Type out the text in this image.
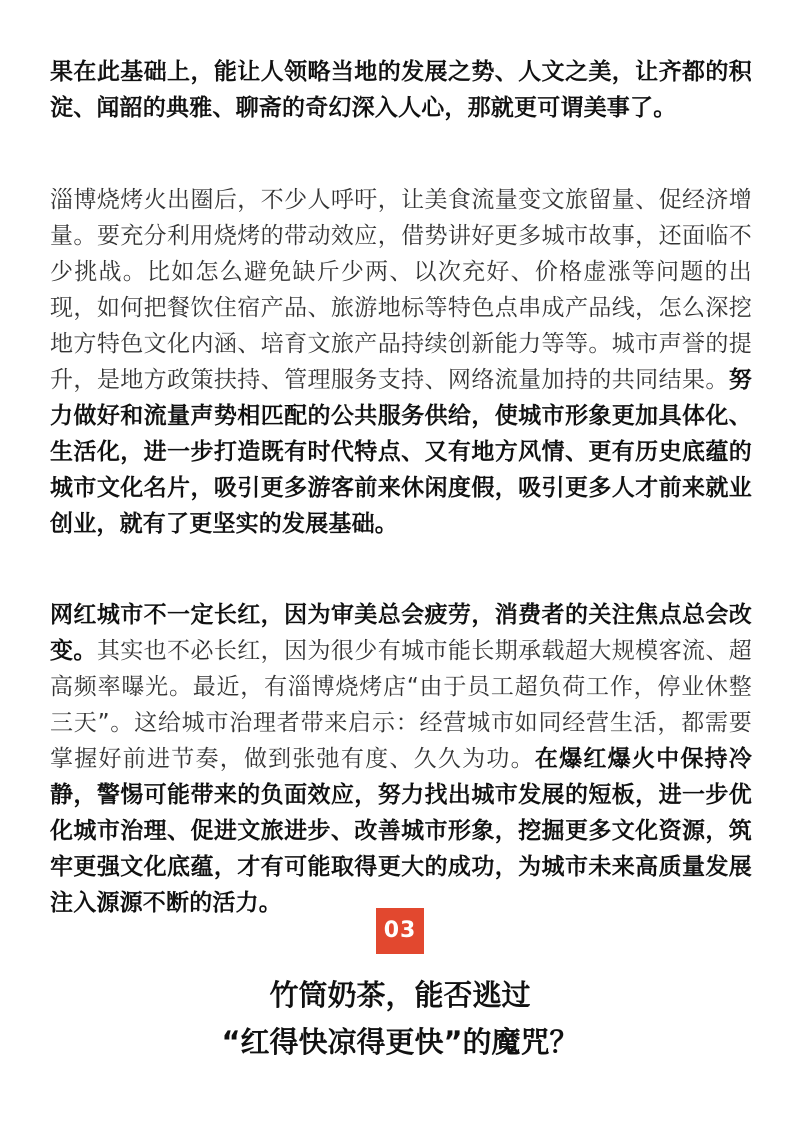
果在此基础上，能让人领略当地的发展之势、人文之美，让齐都的积淀、闻韶的典雅、聊斋的奇幻深入人心，那就更可谓美事了。

淄博烧烤火出圈后，不少人呼吁，让美食流量变文旅留量、促经济增量。要充分利用烧烤的带动效应，借势讲好更多城市故事，还面临不少挑战。比如怎么避免缺斤少两、以次充好、价格虚涨等问题的出现，如何把餐饮住宿产品、旅游地标等特色点串成产品线，怎么深挖地方特色文化内涵、培育文旅产品持续创新能力等等。城市声誉的提升，是地方政策扶持、管理服务支持、网络流量加持的共同结果。努力做好和流量声势相匹配的公共服务供给，使城市形象更加具体化、生活化，进一步打造既有时代特点、又有地方风情、更有历史底蕴的城市文化名片，吸引更多游客前来休闲度假，吸引更多人才前来就业创业，就有了更坚实的发展基础。

网红城市不一定长红，因为审美总会疲劳，消费者的关注焦点总会改变。其实也不必长红，因为很少有城市能长期承载超大规模客流、超高频率曝光。最近，有淄博烧烤店“由于员工超负荷工作，停业休整三天”。这给城市治理者带来启示：经营城市如同经营生活，都需要掌握好前进节奏，做到张弛有度、久久为功。在爆红爆火中保持冷静，警惕可能带来的负面效应，努力找出城市发展的短板，进一步优化城市治理、促进文旅进步、改善城市形象，挖掘更多文化资源，筑牢更强文化底蕴，才有可能取得更大的成功，为城市未来高质量发展注入源源不断的活力。

03
竹筒奶茶，能否逃过
“红得快凉得更快”的魔咒？
